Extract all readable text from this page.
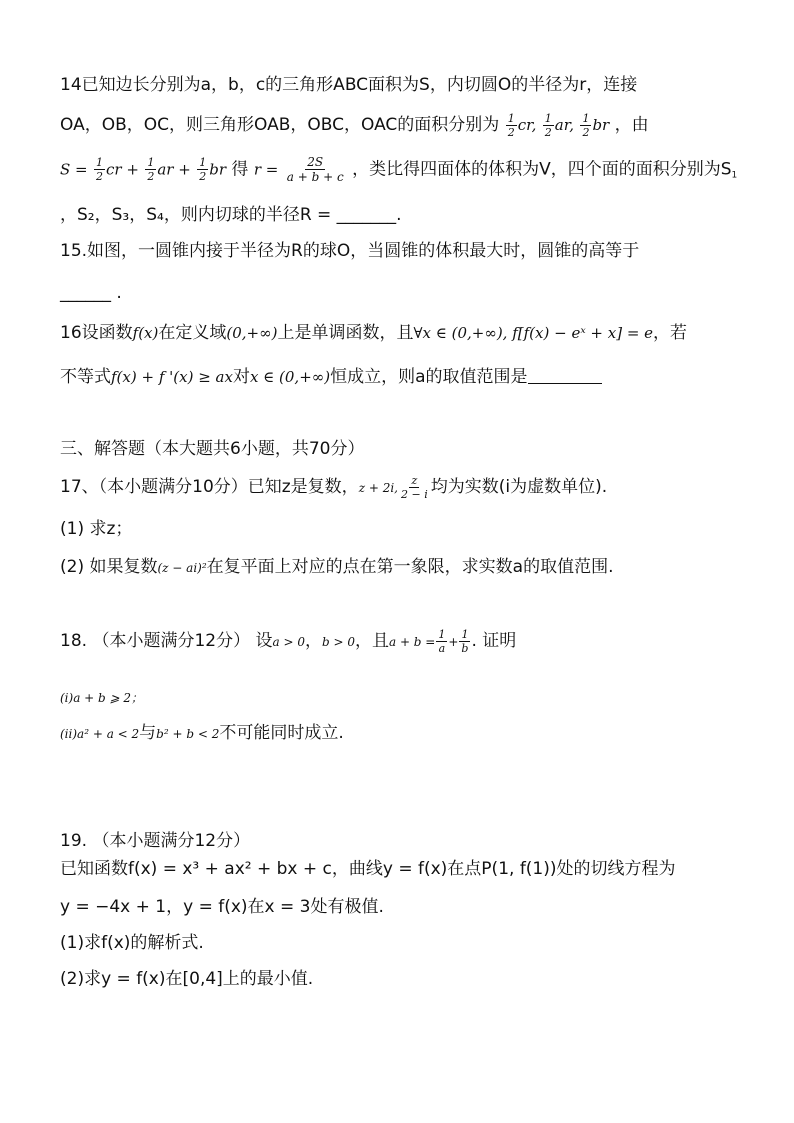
14已知边长分别为a，b，c的三角形ABC面积为S，内切圆O的半径为r，连接
OA，OB，OC，则三角形OAB，OBC，OAC的面积分别为 $\frac{1}{2}$ cr, $\frac{1}{2}$ ar, $\frac{1}{2}$ br ，由
$S = \frac{1}{2}$ cr + $\frac{1}{2}$ ar + $\frac{1}{2}$ br 得 $r = \frac{2S}{a + b + c}$ ，类比得四面体的体积为V，四个面的面积分别为$S_1$
，S₂，S₃，S₄，则内切球的半径R = _______.
15.如图，一圆锥内接于半径为R的球O，当圆锥的体积最大时，圆锥的高等于
______ .
16设函数f(x)在定义域(0,+∞)上是单调函数，且∀x ∈ (0,+∞), f[f(x) − eˣ + x] = e，若
不等式f(x) + f '(x) ≥ ax对x ∈ (0,+∞)恒成立，则a的取值范围是
三、解答题（本大题共6小题，共70分）
17、（本小题满分10分）已知z是复数，z + 2i, $\frac{z}{2 - i}$ 均为实数(i为虚数单位).
(1) 求z；
(2) 如果复数(z − ai)²在复平面上对应的点在第一象限，求实数a的取值范围.
18. （本小题满分12分） 设a > 0，b > 0，且$a + b = \frac{1}{a} + \frac{1}{b}$ . 证明
(i)a + b ⩾ 2；
(ii)a² + a < 2与b² + b < 2不可能同时成立.
19. （本小题满分12分）
已知函数f(x) = x³ + ax² + bx + c，曲线y = f(x)在点P(1, f(1))处的切线方程为
y = −4x + 1，y = f(x)在x = 3处有极值.
(1)求f(x)的解析式.
(2)求y = f(x)在[0,4]上的最小值.
